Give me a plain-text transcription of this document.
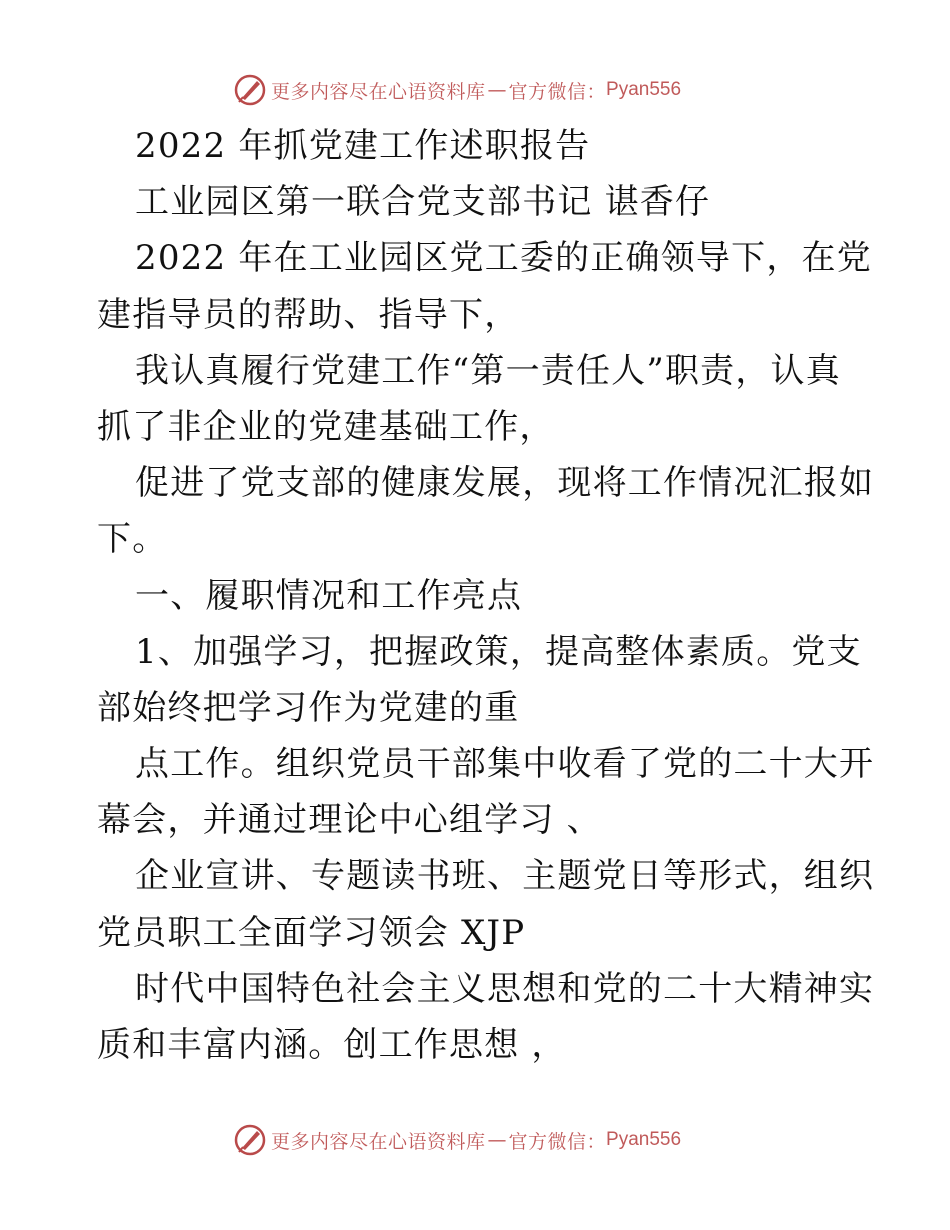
更多内容尽在心语资料库 — 官方微信： Pyan556
2022 年抓党建工作述职报告
工业园区第一联合党支部书记 谌香仔
2022 年在工业园区党工委的正确领导下，在党
建指导员的帮助、指导下，
我认真履行党建工作“第一责任人”职责，认真
抓了非企业的党建基础工作，
促进了党支部的健康发展，现将工作情况汇报如
下。
一、履职情况和工作亮点
1、加强学习，把握政策，提高整体素质。党支
部始终把学习作为党建的重
点工作。组织党员干部集中收看了党的二十大开
幕会，并通过理论中心组学习 、
企业宣讲、专题读书班、主题党日等形式，组织
党员职工全面学习领会 XJP
时代中国特色社会主义思想和党的二十大精神实
质和丰富内涵。创工作思想 ，
更多内容尽在心语资料库 — 官方微信： Pyan556
